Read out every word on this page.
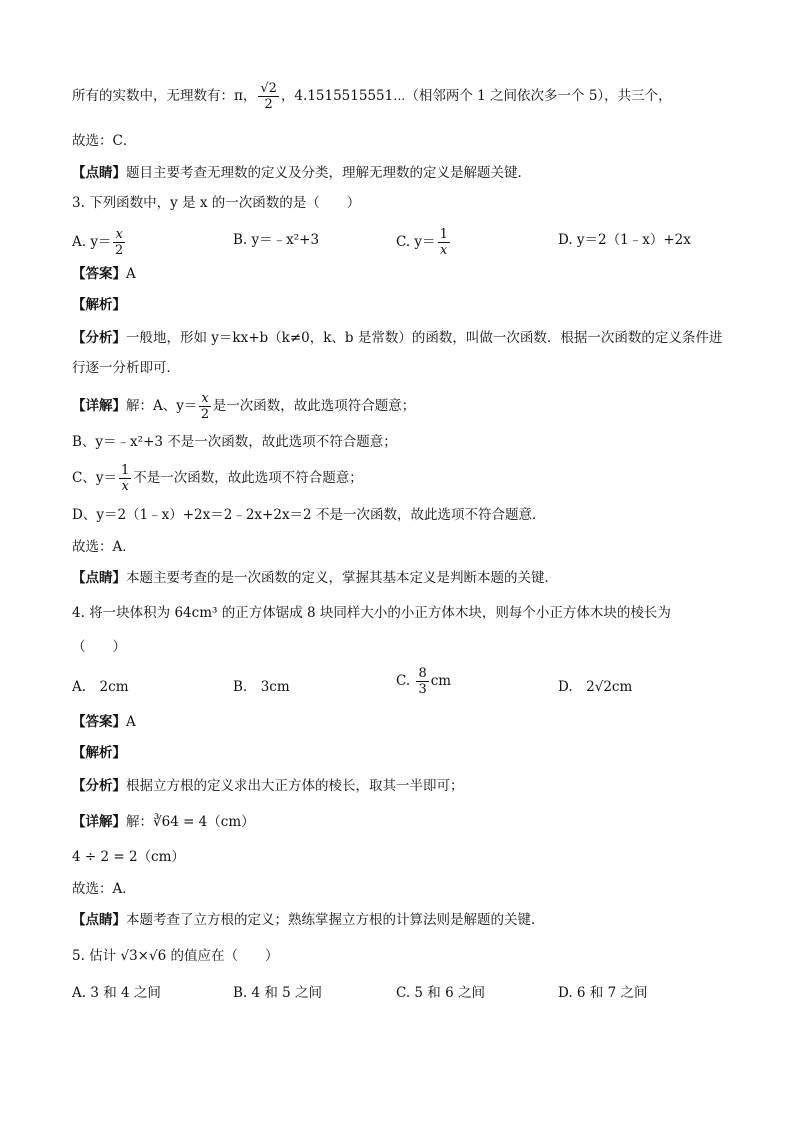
所有的实数中，无理数有：π， $\frac{√2}{2}$ ，4.1515515551⋯（相邻两个 1 之间依次多一个 5），共三个，
故选：C．
【点睛】题目主要考查无理数的定义及分类，理解无理数的定义是解题关键．
3. 下列函数中，y 是 x 的一次函数的是（　　）
A. $y= \frac{x}{2}$	B. y＝﹣x²+3	C. $y= \frac{1}{x}$	D. y＝2（1﹣x）+2x
【答案】A
【解析】
【分析】一般地，形如 y＝kx+b（k≠0，k、b 是常数）的函数，叫做一次函数．根据一次函数的定义条件进
行逐一分析即可．
【详解】解：A、$y= \frac{x}{2}$ 是一次函数，故此选项符合题意；
B、y＝﹣x²+3 不是一次函数，故此选项不符合题意；
C、$y= \frac{1}{x}$ 不是一次函数，故此选项不符合题意；
D、y＝2（1﹣x）+2x＝2﹣2x+2x＝2 不是一次函数，故此选项不符合题意．
故选：A．
【点睛】本题主要考查的是一次函数的定义，掌握其基本定义是判断本题的关键．
4. 将一块体积为 64cm³ 的正方体锯成 8 块同样大小的小正方体木块，则每个小正方体木块的棱长为
（　　）
A.　2cm	B.　3cm	C. $\frac{8}{3}$ cm	D.　2√2cm
【答案】A
【解析】
【分析】根据立方根的定义求出大正方体的棱长，取其一半即可；
【详解】解：∛64 = 4（cm）
4 ÷ 2 = 2（cm）
故选：A．
【点睛】本题考查了立方根的定义；熟练掌握立方根的计算法则是解题的关键．
5. 估计 √3×√6 的值应在（　　）
A. 3 和 4 之间	B. 4 和 5 之间	C. 5 和 6 之间	D. 6 和 7 之间
